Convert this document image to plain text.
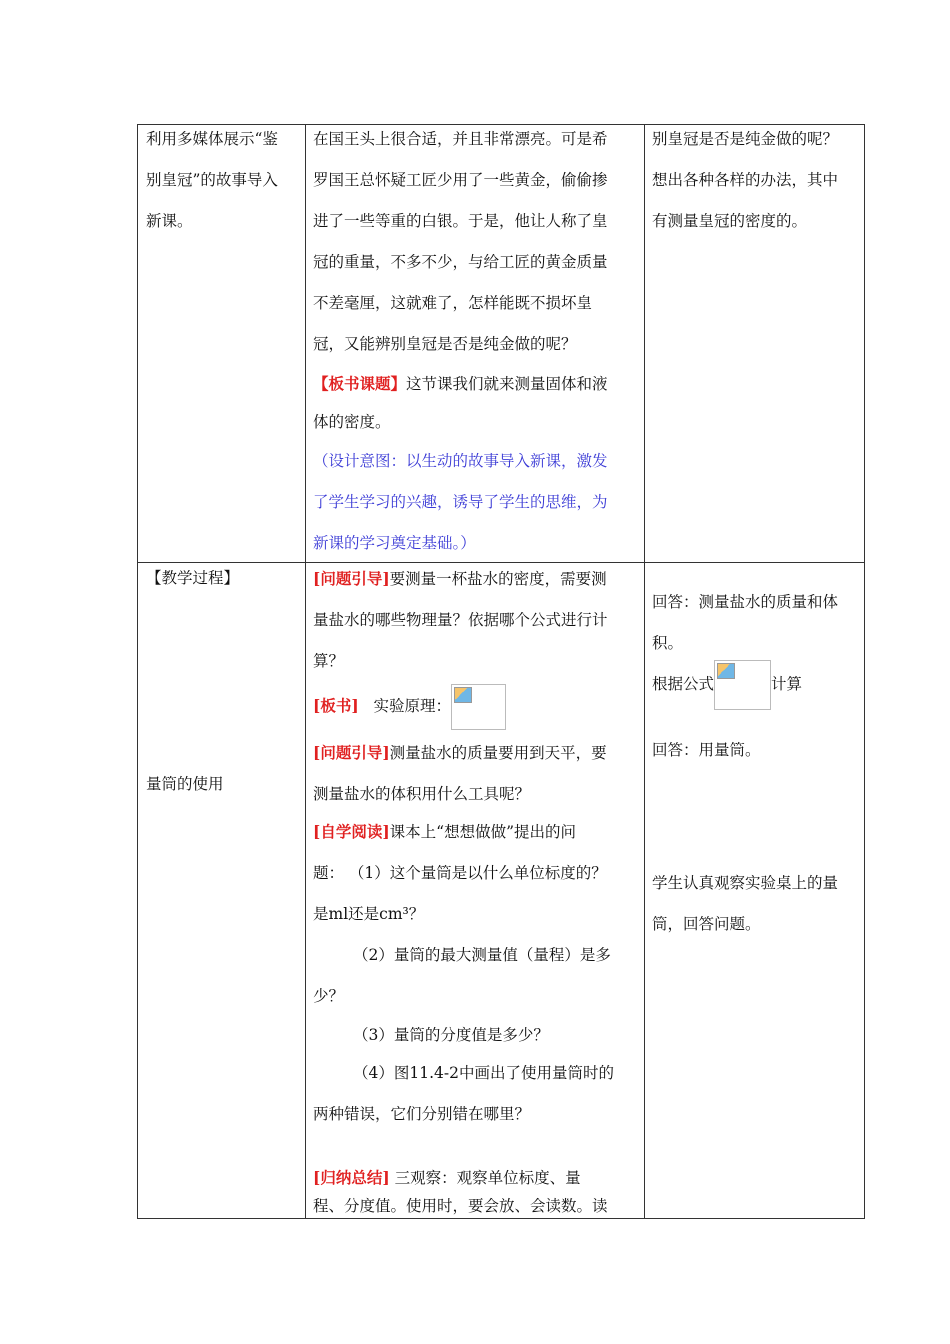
利用多媒体展示“鉴

别皇冠”的故事导入

新课。

在国王头上很合适，并且非常漂亮。可是希

罗国王总怀疑工匠少用了一些黄金，偷偷掺

进了一些等重的白银。于是，他让人称了皇

冠的重量，不多不少，与给工匠的黄金质量

不差毫厘，这就难了，怎样能既不损坏皇

冠，又能辨别皇冠是否是纯金做的呢？

【板书课题】这节课我们就来测量固体和液

体的密度。

（设计意图：以生动的故事导入新课，激发

了学生学习的兴趣，诱导了学生的思维，为

新课的学习奠定基础。）

别皇冠是否是纯金做的呢？

想出各种各样的办法，其中

有测量皇冠的密度的。

【教学过程】

量筒的使用

[问题引导]要测量一杯盐水的密度，需要测

量盐水的哪些物理量？依据哪个公式进行计

算？

[板书] 实验原理：

[问题引导]测量盐水的质量要用到天平，要

测量盐水的体积用什么工具呢？

[自学阅读]课本上“想想做做”提出的问

题： （1）这个量筒是以什么单位标度的？

是ml还是cm³？

（2）量筒的最大测量值（量程）是多

少？

（3）量筒的分度值是多少？

（4）图11.4-2中画出了使用量筒时的

两种错误，它们分别错在哪里？

[归纳总结] 三观察：观察单位标度、量

程、分度值。使用时，要会放、会读数。读

回答：测量盐水的质量和体

积。

根据公式	计算

回答：用量筒。

学生认真观察实验桌上的量

筒，回答问题。
